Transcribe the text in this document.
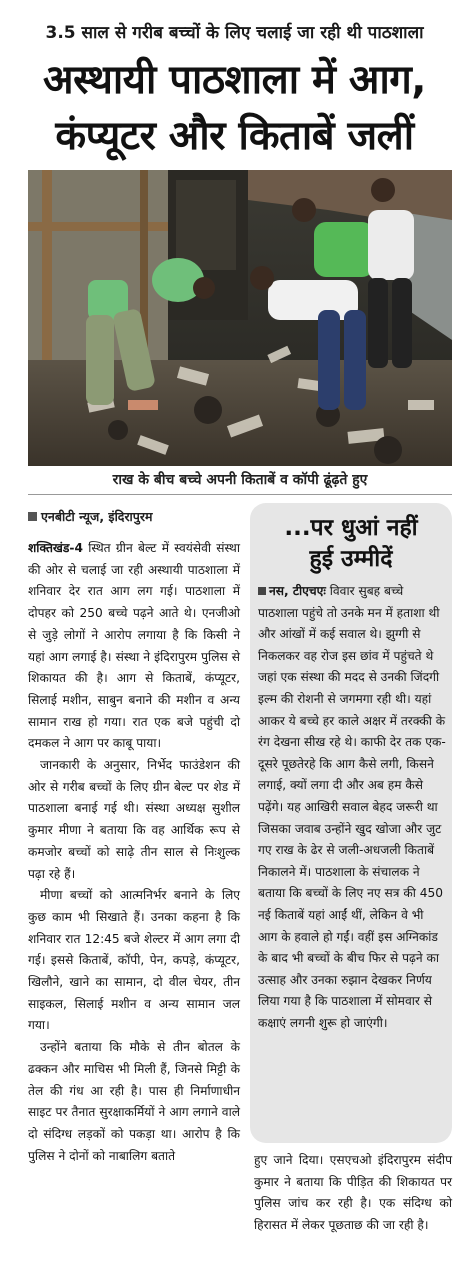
3.5 साल से गरीब बच्चों के लिए चलाई जा रही थी पाठशाला
अस्थायी पाठशाला में आग,
कंप्यूटर और किताबें जलीं
राख के बीच बच्चे अपनी किताबें व कॉपी ढूंढ़ते हुए
एनबीटी न्यूज, इंदिरापुरम

शक्तिखंड-4 स्थित ग्रीन बेल्ट में स्वयंसेवी संस्था की ओर से चलाई जा रही अस्थायी पाठशाला में शनिवार देर रात आग लग गई। पाठशाला में दोपहर को 250 बच्चे पढ़ने आते थे। एनजीओ से जुड़े लोगों ने आरोप लगाया है कि किसी ने यहां आग लगाई है। संस्था ने इंदिरापुरम पुलिस से शिकायत की है। आग से किताबें, कंप्यूटर, सिलाई मशीन, साबुन बनाने की मशीन व अन्य सामान राख हो गया। रात एक बजे पहुंची दो दमकल ने आग पर काबू पाया।

जानकारी के अनुसार, निर्भेद फाउंडेशन की ओर से गरीब बच्चों के लिए ग्रीन बेल्ट पर शेड में पाठशाला बनाई गई थी। संस्था अध्यक्ष सुशील कुमार मीणा ने बताया कि वह आर्थिक रूप से कमजोर बच्चों को साढ़े तीन साल से निःशुल्क पढ़ा रहे हैं।

मीणा बच्चों को आत्मनिर्भर बनाने के लिए कुछ काम भी सिखाते हैं। उनका कहना है कि शनिवार रात 12:45 बजे शेल्टर में आग लगा दी गई। इससे किताबें, कॉपी, पेन, कपड़े, कंप्यूटर, खिलौने, खाने का सामान, दो वील चेयर, तीन साइकल, सिलाई मशीन व अन्य सामान जल गया।

उन्होंने बताया कि मौके से तीन बोतल के ढक्कन और माचिस भी मिली हैं, जिनसे मिट्टी के तेल की गंध आ रही है। पास ही निर्माणाधीन साइट पर तैनात सुरक्षाकर्मियों ने आग लगाने वाले दो संदिग्ध लड़कों को पकड़ा था। आरोप है कि पुलिस ने दोनों को नाबालिग बताते

...पर धुआं नहीं
हुई उम्मीदें
नस, टीएचएः विवार सुबह बच्चे पाठशाला पहुंचे तो उनके मन में हताशा थी और आंखों में कई सवाल थे। झुग्गी से निकलकर वह रोज इस छांव में पहुंचते थे जहां एक संस्था की मदद से उनकी जिंदगी इल्म की रोशनी से जगमगा रही थी। यहां आकर ये बच्चे हर काले अक्षर में तरक्की के रंग देखना सीख रहे थे। काफी देर तक एक-दूसरे पूछतेरहे कि आग कैसे लगी, किसने लगाई, क्यों लगा दी और अब हम कैसे पढ़ेंगे। यह आखिरी सवाल बेहद जरूरी था जिसका जवाब उन्होंने खुद खोजा और जुट गए राख के ढेर से जली-अधजली किताबें निकालने में। पाठशाला के संचालक ने बताया कि बच्चों के लिए नए सत्र की 450 नई किताबें यहां आईं थीं, लेकिन वे भी आग के हवाले हो गईं। वहीं इस अग्निकांड के बाद भी बच्चों के बीच फिर से पढ़ने का उत्साह और उनका रुझान देखकर निर्णय लिया गया है कि पाठशाला में सोमवार से कक्षाएं लगनी शुरू हो जाएंगी।

हुए जाने दिया। एसएचओ इंदिरापुरम संदीप कुमार ने बताया कि पीड़ित की शिकायत पर पुलिस जांच कर रही है। एक संदिग्ध को हिरासत में लेकर पूछताछ की जा रही है।
